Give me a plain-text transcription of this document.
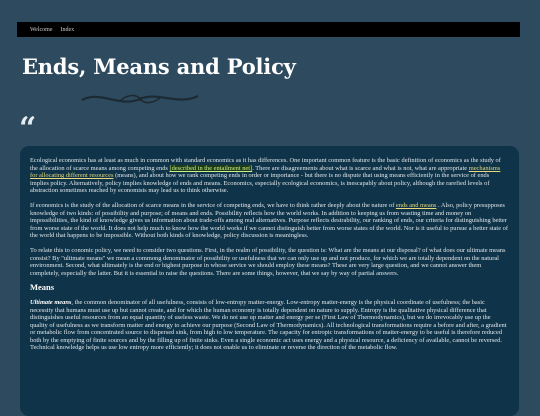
Welcome Index
Ends, Means and Policy
“

Ecological economics has at least as much in common with standard economics as it has differences. One important common feature is the basic definition of economics as the study of the allocation of scarce means among competing ends [described in the entailment net]. There are disagreements about what is scarce and what is not, what are appropriate mechanisms for allocating different resources (means), and about how we rank competing ends in order or importance - but there is no dispute that using means efficiently in the service of ends implies policy. Alternatively, policy implies knowledge of ends and means. Economics, especially ecological economics, is inescapably about policy, although the rarefied levels of abstraction sometimes reached by economists may lead us to think otherwise.

If economics is the study of the allocation of scarce means in the service of competing ends, we have to think rather deeply about the nature of ends and means . Also, policy presupposes knowledge of two kinds: of possibility and purpose; of means and ends. Possibility reflects how the world works. In addition to keeping us from wasting time and money on impossibilities, the kind of knowledge gives us information about trade-offs among real alternatives. Purpose reflects desirability, our ranking of ends, our criteria for distinguishing better from worse state of the world. It does not help much to know how the world works if we cannot distinguish better from worse states of the world. Nor is it useful to pursue a better state of the world that happens to be impossible. Without both kinds of knowledge, policy discussion is meaningless.

To relate this to conomic policy, we need to consider two questions. First, in the realm of possibility, the question is: What are the means at our disposal? of what does our ultimate means consist? By "ultimate means" we mean a commong denominator of possibility or usefulness that we can only use up and not produce, for which we are totally dependent on the natural environment. Second, what ultimately is the end or highest purpose in whose service we should employ these means? These are very large question, and we cannot answer them completely, especially the latter. But it is essential to raise the questions. There are some things, however, that we say by way of partial answers.

Means

Ultimate means, the common denominator of all usefulness, consists of low-entropy matter-energy. Low-entropy matter-energy is the physical coordinate of usefulness; the basic necessity that humans must use up but cannot create, and for which the human economy is totally dependent on nature to supply. Entropy is the qualitative physical difference that distinguishes useful resources from an equal quantity of useless waste. We do not use up matter and energy per se (First Law of Thermodynamics), but we do irrevocably use up the quality of usefulness as we transform matter and energy to achieve our purpose (Second Law of Thermodynamics). All technological transformations require a before and after, a gradient or metabolic flow from concentrated source to dispersed sink, from high to low temperature. The capacity for entropic transformations of matter-energy to be useful is therefore reduced both by the emptying of finite sources and by the filling up of finite sinks. Even a single economic act uses energy and a physical resource, a deficiency of available, cannot be reversed. Technical knowledge helps us use low entropy more efficiently; it does not enable us to eliminate or reverse the direction of the metabolic flow.
